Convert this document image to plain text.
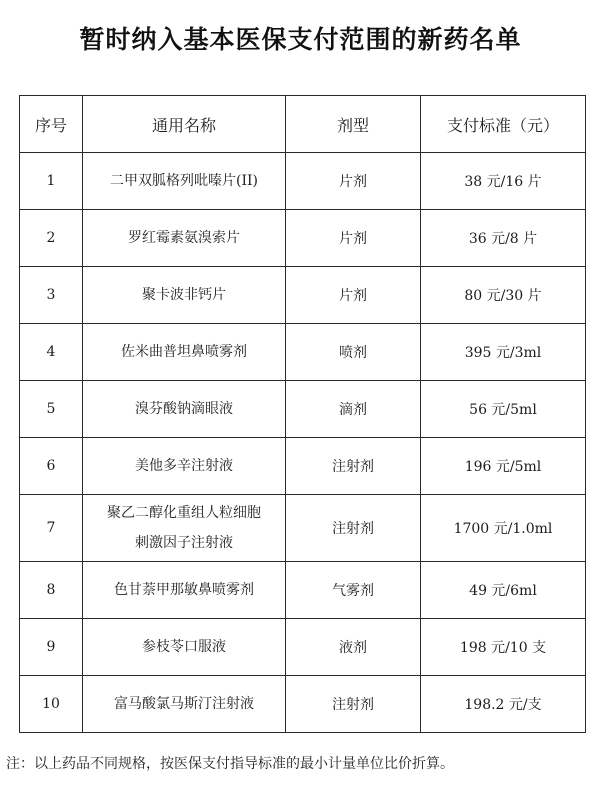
暂时纳入基本医保支付范围的新药名单
序号	通用名称	剂型	支付标准（元）
1	二甲双胍格列吡嗪片(II)	片剂	38 元/16 片
2	罗红霉素氨溴索片	片剂	36 元/8 片
3	聚卡波非钙片	片剂	80 元/30 片
4	佐米曲普坦鼻喷雾剂	喷剂	395 元/3ml
5	溴芬酸钠滴眼液	滴剂	56 元/5ml
6	美他多辛注射液	注射剂	196 元/5ml
7	聚乙二醇化重组人粒细胞
刺激因子注射液	注射剂	1700 元/1.0ml
8	色甘萘甲那敏鼻喷雾剂	气雾剂	49 元/6ml
9	参枝苓口服液	液剂	198 元/10 支
10	富马酸氯马斯汀注射液	注射剂	198.2 元/支
注：以上药品不同规格，按医保支付指导标准的最小计量单位比价折算。
